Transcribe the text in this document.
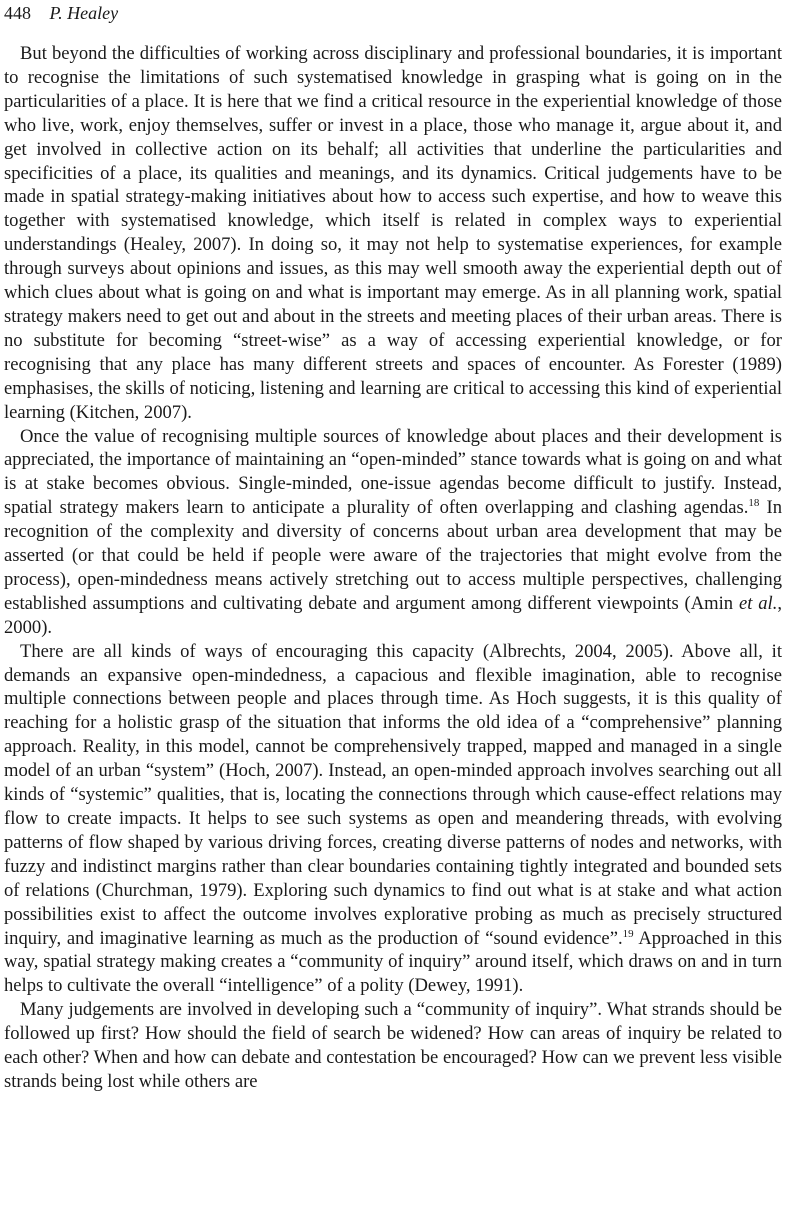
448 P. Healey

But beyond the difficulties of working across disciplinary and professional boundaries, it is important to recognise the limitations of such systematised knowledge in grasping what is going on in the particularities of a place. It is here that we find a critical resource in the experiential knowledge of those who live, work, enjoy themselves, suffer or invest in a place, those who manage it, argue about it, and get involved in collective action on its behalf; all activities that underline the particularities and specificities of a place, its qualities and meanings, and its dynamics. Critical judgements have to be made in spatial strategy-making initiatives about how to access such expertise, and how to weave this together with systematised knowledge, which itself is related in complex ways to experiential understandings (Healey, 2007). In doing so, it may not help to systematise experiences, for example through surveys about opinions and issues, as this may well smooth away the experiential depth out of which clues about what is going on and what is important may emerge. As in all planning work, spatial strategy makers need to get out and about in the streets and meeting places of their urban areas. There is no substitute for becoming “street-wise” as a way of accessing experiential knowledge, or for recognising that any place has many different streets and spaces of encounter. As Forester (1989) emphasises, the skills of noticing, listening and learning are critical to accessing this kind of experiential learning (Kitchen, 2007).

Once the value of recognising multiple sources of knowledge about places and their development is appreciated, the importance of maintaining an “open-minded” stance towards what is going on and what is at stake becomes obvious. Single-minded, one-issue agendas become difficult to justify. Instead, spatial strategy makers learn to anticipate a plurality of often overlapping and clashing agendas.$^{18}$ In recognition of the complexity and diversity of concerns about urban area development that may be asserted (or that could be held if people were aware of the trajectories that might evolve from the process), open-mindedness means actively stretching out to access multiple perspectives, challenging established assumptions and cultivating debate and argument among different viewpoints (Amin et al., 2000).

There are all kinds of ways of encouraging this capacity (Albrechts, 2004, 2005). Above all, it demands an expansive open-mindedness, a capacious and flexible imagination, able to recognise multiple connections between people and places through time. As Hoch suggests, it is this quality of reaching for a holistic grasp of the situation that informs the old idea of a “comprehensive” planning approach. Reality, in this model, cannot be comprehensively trapped, mapped and managed in a single model of an urban “system” (Hoch, 2007). Instead, an open-minded approach involves searching out all kinds of “systemic” qualities, that is, locating the connections through which cause-effect relations may flow to create impacts. It helps to see such systems as open and meandering threads, with evolving patterns of flow shaped by various driving forces, creating diverse patterns of nodes and networks, with fuzzy and indistinct margins rather than clear boundaries containing tightly integrated and bounded sets of relations (Churchman, 1979). Exploring such dynamics to find out what is at stake and what action possibilities exist to affect the outcome involves explorative probing as much as precisely structured inquiry, and imaginative learning as much as the production of “sound evidence”.$^{19}$ Approached in this way, spatial strategy making creates a “community of inquiry” around itself, which draws on and in turn helps to cultivate the overall “intelligence” of a polity (Dewey, 1991).

Many judgements are involved in developing such a “community of inquiry”. What strands should be followed up first? How should the field of search be widened? How can areas of inquiry be related to each other? When and how can debate and contestation be encouraged? How can we prevent less visible strands being lost while others are
